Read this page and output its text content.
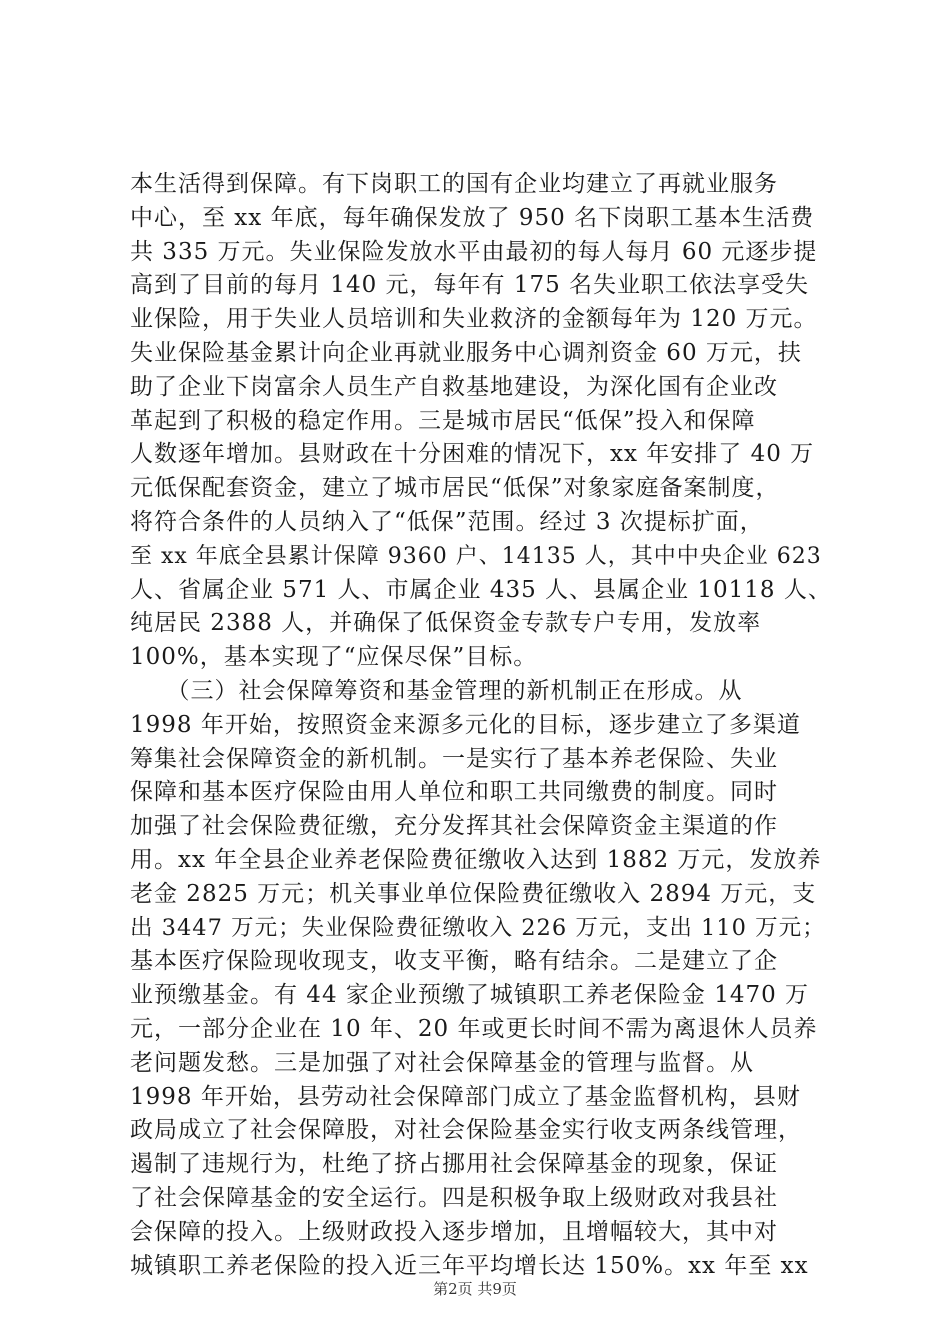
本生活得到保障。有下岗职工的国有企业均建立了再就业服务
中心，至 xx 年底，每年确保发放了 950 名下岗职工基本生活费
共 335 万元。失业保险发放水平由最初的每人每月 60 元逐步提
高到了目前的每月 140 元，每年有 175 名失业职工依法享受失
业保险，用于失业人员培训和失业救济的金额每年为 120 万元。
失业保险基金累计向企业再就业服务中心调剂资金 60 万元，扶
助了企业下岗富余人员生产自救基地建设，为深化国有企业改
革起到了积极的稳定作用。三是城市居民“低保”投入和保障
人数逐年增加。县财政在十分困难的情况下，xx 年安排了 40 万
元低保配套资金，建立了城市居民“低保”对象家庭备案制度，
将符合条件的人员纳入了“低保”范围。经过 3 次提标扩面，
至 xx 年底全县累计保障 9360 户、14135 人，其中中央企业 623
人、省属企业 571 人、市属企业 435 人、县属企业 10118 人、
纯居民 2388 人，并确保了低保资金专款专户专用，发放率
100%，基本实现了“应保尽保”目标。
　　（三）社会保障筹资和基金管理的新机制正在形成。从
1998 年开始，按照资金来源多元化的目标，逐步建立了多渠道
筹集社会保障资金的新机制。一是实行了基本养老保险、失业
保障和基本医疗保险由用人单位和职工共同缴费的制度。同时
加强了社会保险费征缴，充分发挥其社会保障资金主渠道的作
用。xx 年全县企业养老保险费征缴收入达到 1882 万元，发放养
老金 2825 万元；机关事业单位保险费征缴收入 2894 万元，支
出 3447 万元；失业保险费征缴收入 226 万元，支出 110 万元；
基本医疗保险现收现支，收支平衡，略有结余。二是建立了企
业预缴基金。有 44 家企业预缴了城镇职工养老保险金 1470 万
元，一部分企业在 10 年、20 年或更长时间不需为离退休人员养
老问题发愁。三是加强了对社会保障基金的管理与监督。从
1998 年开始，县劳动社会保障部门成立了基金监督机构，县财
政局成立了社会保障股，对社会保险基金实行收支两条线管理，
遏制了违规行为，杜绝了挤占挪用社会保障基金的现象，保证
了社会保障基金的安全运行。四是积极争取上级财政对我县社
会保障的投入。上级财政投入逐步增加，且增幅较大，其中对
城镇职工养老保险的投入近三年平均增长达 150%。xx 年至 xx
第2页 共9页
